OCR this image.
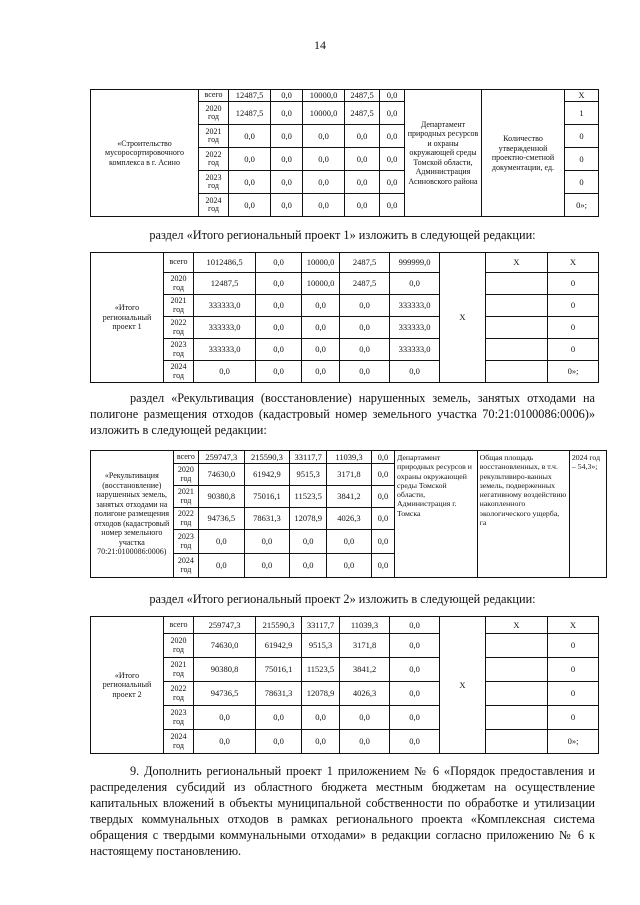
14
«Строительство мусоросортировочного комплекса в г. Асино	всего	12487,5	0,0	10000,0	2487,5	0,0	Департамент природных ресурсов и охраны окружающей среды Томской области, Администрация Асиновского района	Количество утвержденной проектно-сметной документации, ед.	Х
	2020 год	12487,5	0,0	10000,0	2487,5	0,0			1
	2021 год	0,0	0,0	0,0	0,0	0,0			0
	2022 год	0,0	0,0	0,0	0,0	0,0			0
	2023 год	0,0	0,0	0,0	0,0	0,0			0
	2024 год	0,0	0,0	0,0	0,0	0,0			0»;
раздел «Итого региональный проект 1» изложить в следующей редакции:
«Итого региональный проект 1	всего	1012486,5	0,0	10000,0	2487,5	999999,0	Х	Х	Х
	2020 год	12487,5	0,0	10000,0	2487,5	0,0			0
	2021 год	333333,0	0,0	0,0	0,0	333333,0			0
	2022 год	333333,0	0,0	0,0	0,0	333333,0			0
	2023 год	333333,0	0,0	0,0	0,0	333333,0			0
	2024 год	0,0	0,0	0,0	0,0	0,0			0»;
раздел «Рекультивация (восстановление) нарушенных земель, занятых отходами на полигоне размещения отходов (кадастровый номер земельного участка 70:21:0100086:0006)» изложить в следующей редакции:
«Рекультивация (восстановление) нарушенных земель, занятых отходами на полигоне размещения отходов (кадастровый номер земельного участка 70:21:0100086:0006)	всего	259747,3	215590,3	33117,7	11039,3	0,0	Департамент природных ресурсов и охраны окружающей среды Томской области, Администрация г. Томска	Общая площадь восстановленных, в т.ч. рекультивиро-ванных земель, подверженных негативному воздействию накопленного экологического ущерба, га	2024 год – 54,3»;
	2020 год	74630,0	61942,9	9515,3	3171,8	0,0			
	2021 год	90380,8	75016,1	11523,5	3841,2	0,0			
	2022 год	94736,5	78631,3	12078,9	4026,3	0,0			
	2023 год	0,0	0,0	0,0	0,0	0,0			
	2024 год	0,0	0,0	0,0	0,0	0,0			
раздел «Итого региональный проект 2» изложить в следующей редакции:
«Итого региональный проект 2	всего	259747,3	215590,3	33117,7	11039,3	0,0	Х	Х	Х
	2020 год	74630,0	61942,9	9515,3	3171,8	0,0			0
	2021 год	90380,8	75016,1	11523,5	3841,2	0,0			0
	2022 год	94736,5	78631,3	12078,9	4026,3	0,0			0
	2023 год	0,0	0,0	0,0	0,0	0,0			0
	2024 год	0,0	0,0	0,0	0,0	0,0			0»;
9. Дополнить региональный проект 1 приложением № 6 «Порядок предоставления и распределения субсидий из областного бюджета местным бюджетам на осуществление капитальных вложений в объекты муниципальной собственности по обработке и утилизации твердых коммунальных отходов в рамках регионального проекта «Комплексная система обращения с твердыми коммунальными отходами» в редакции согласно приложению № 6 к настоящему постановлению.
